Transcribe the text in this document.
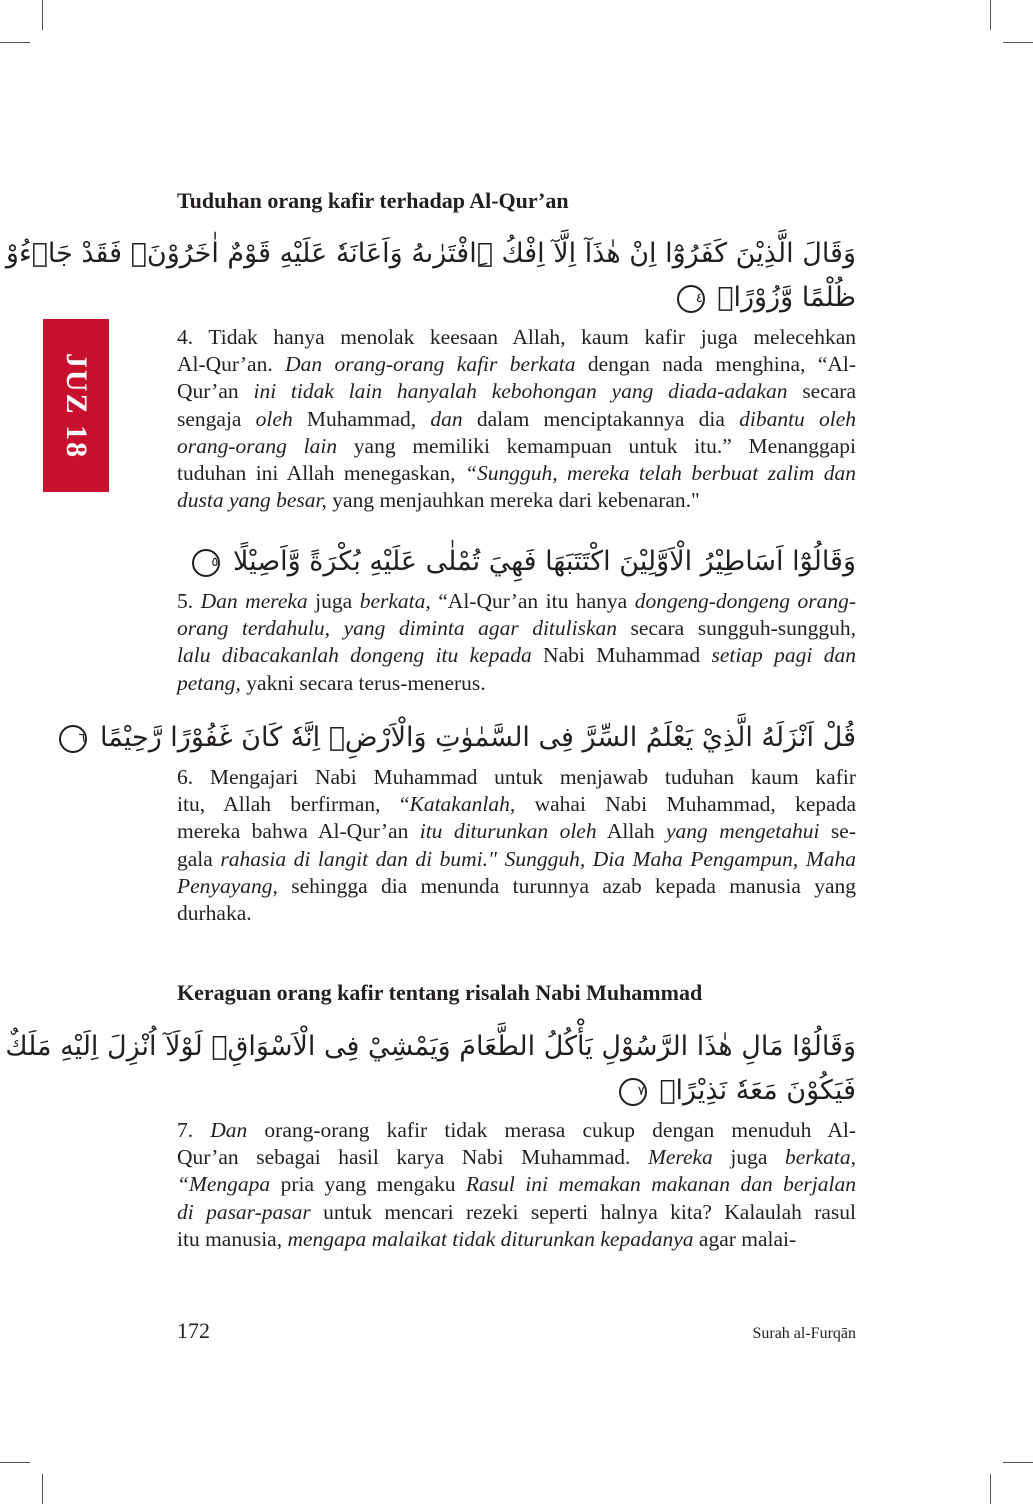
JUZ 18
Tuduhan orang kafir terhadap Al-Qur’an
وَقَالَ الَّذِيْنَ كَفَرُوْٓا اِنْ هٰذَآ اِلَّآ اِفْكُ ِۨافْتَرٰىهُ وَاَعَانَهٗ عَلَيْهِ قَوْمٌ اٰخَرُوْنَۛ فَقَدْ جَاۤءُوْ
ظُلْمًا وَّزُوْرًاۛ ٤
4. Tidak hanya menolak keesaan Allah, kaum kafir juga melecehkan
Al-Qur’an. Dan orang-orang kafir berkata dengan nada menghina, “Al-
Qur’an ini tidak lain hanyalah kebohongan yang diada-adakan secara
sengaja oleh Muhammad, dan dalam menciptakannya dia dibantu oleh
orang-orang lain yang memiliki kemampuan untuk itu.” Menanggapi
tuduhan ini Allah menegaskan, “Sungguh, mereka telah berbuat zalim dan
dusta yang besar, yang menjauhkan mereka dari kebenaran."
وَقَالُوْٓا اَسَاطِيْرُ الْاَوَّلِيْنَ اكْتَتَبَهَا فَهِيَ تُمْلٰى عَلَيْهِ بُكْرَةً وَّاَصِيْلًا ٥
5. Dan mereka juga berkata, “Al-Qur’an itu hanya dongeng-dongeng orang-
orang terdahulu, yang diminta agar dituliskan secara sungguh-sungguh,
lalu dibacakanlah dongeng itu kepada Nabi Muhammad setiap pagi dan
petang, yakni secara terus-menerus.
قُلْ اَنْزَلَهُ الَّذِيْ يَعْلَمُ السِّرَّ فِى السَّمٰوٰتِ وَالْاَرْضِۗ اِنَّهٗ كَانَ غَفُوْرًا رَّحِيْمًا ٦
6. Mengajari Nabi Muhammad untuk menjawab tuduhan kaum kafir
itu, Allah berfirman, “Katakanlah, wahai Nabi Muhammad, kepada
mereka bahwa Al-Qur’an itu diturunkan oleh Allah yang mengetahui se-
gala rahasia di langit dan di bumi." Sungguh, Dia Maha Pengampun, Maha
Penyayang, sehingga dia menunda turunnya azab kepada manusia yang
durhaka.
Keraguan orang kafir tentang risalah Nabi Muhammad
وَقَالُوْا مَالِ هٰذَا الرَّسُوْلِ يَأْكُلُ الطَّعَامَ وَيَمْشِيْ فِى الْاَسْوَاقِۗ لَوْلَآ اُنْزِلَ اِلَيْهِ مَلَكٌ
فَيَكُوْنَ مَعَهٗ نَذِيْرًاۙ ٧
7. Dan orang-orang kafir tidak merasa cukup dengan menuduh Al-
Qur’an sebagai hasil karya Nabi Muhammad. Mereka juga berkata,
“Mengapa pria yang mengaku Rasul ini memakan makanan dan berjalan
di pasar-pasar untuk mencari rezeki seperti halnya kita? Kalaulah rasul
itu manusia, mengapa malaikat tidak diturunkan kepadanya agar malai-
172	Surah al-Furqān
